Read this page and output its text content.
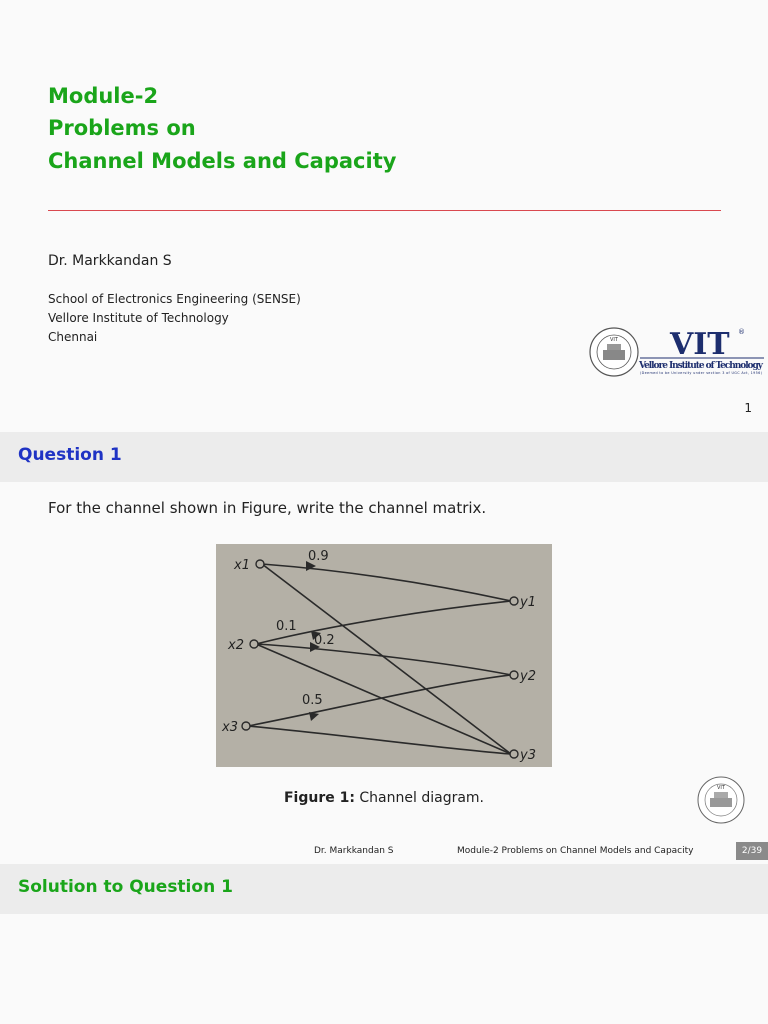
Module-2
Problems on
Channel Models and Capacity
Dr. Markkandan S
School of Electronics Engineering (SENSE)
Vellore Institute of Technology
Chennai	VIT VIT ®
Vellore Institute of Technology
(Deemed to be University under section 3 of UGC Act, 1956)
1
Question 1
For the channel shown in Figure, write the channel matrix.
x1
x2
x3
y1
y2
y3
0.9
0.1
0.2
0.5
Figure 1: Channel diagram.
VIT
Dr. Markkandan S	Module-2 Problems on Channel Models and Capacity	2/39
Solution to Question 1
